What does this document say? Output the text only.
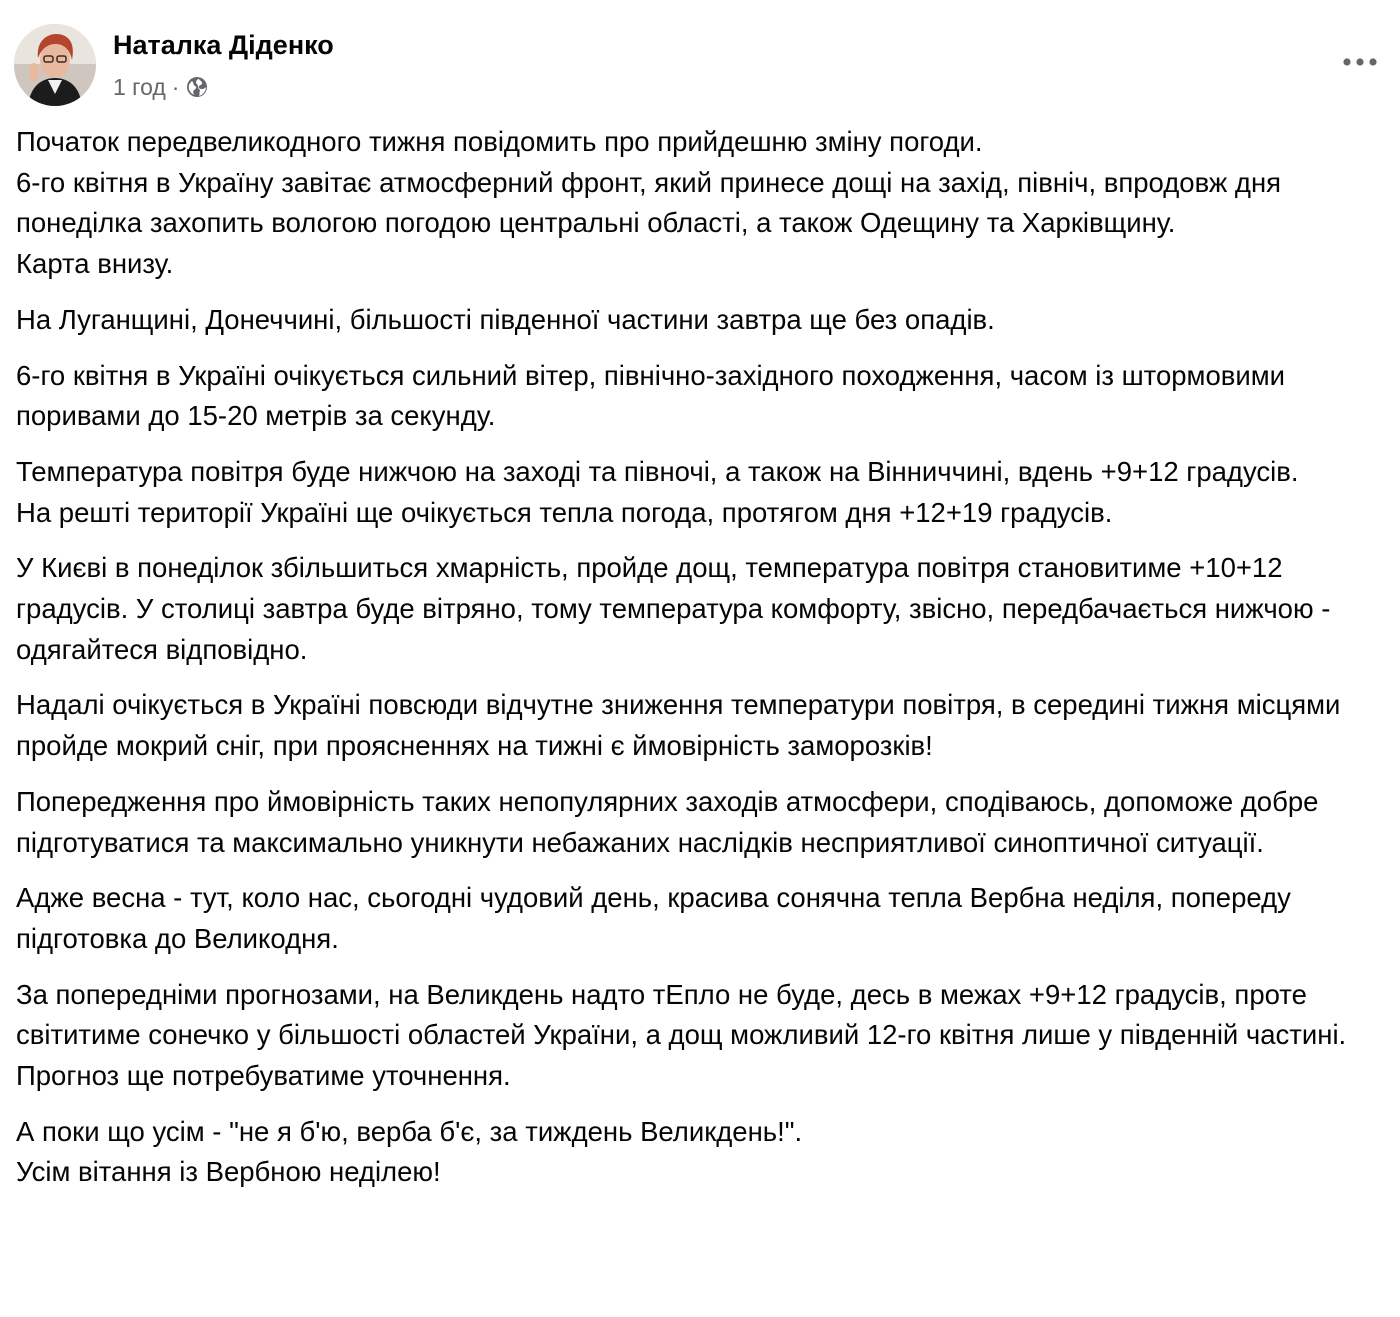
Наталка Діденко
1 год ·

Початок передвеликодного тижня повідомить про прийдешню зміну погоди.
6-го квітня в Україну завітає атмосферний фронт, який принесе дощі на захід, північ, впродовж дня понеділка захопить вологою погодою центральні області, а також Одещину та Харківщину.
Карта внизу.

На Луганщині, Донеччині, більшості південної частини завтра ще без опадів.

6-го квітня в Україні очікується сильний вітер, північно-західного походження, часом із штормовими поривами до 15-20 метрів за секунду.

Температура повітря буде нижчою на заході та півночі, а також на Вінниччині, вдень +9+12 градусів.
На решті території Україні ще очікується тепла погода, протягом дня +12+19 градусів.

У Києві в понеділок збільшиться хмарність, пройде дощ, температура повітря становитиме +10+12 градусів. У столиці завтра буде вітряно, тому температура комфорту, звісно, передбачається нижчою - одягайтеся відповідно.

Надалі очікується в Україні повсюди відчутне зниження температури повітря, в середині тижня місцями пройде мокрий сніг, при проясненнях на тижні є ймовірність заморозків!

Попередження про ймовірність таких непопулярних заходів атмосфери, сподіваюсь, допоможе добре підготуватися та максимально уникнути небажаних наслідків несприятливої синоптичної ситуації.

Адже весна - тут, коло нас, сьогодні чудовий день, красива сонячна тепла Вербна неділя, попереду підготовка до Великодня.

За попередніми прогнозами, на Великдень надто тЕпло не буде, десь в межах +9+12 градусів, проте світитиме сонечко у більшості областей України, а дощ можливий 12-го квітня лише у південній частині.
Прогноз ще потребуватиме уточнення.

А поки що усім - "не я б'ю, верба б'є, за тиждень Великдень!".
Усім вітання із Вербною неділею!
